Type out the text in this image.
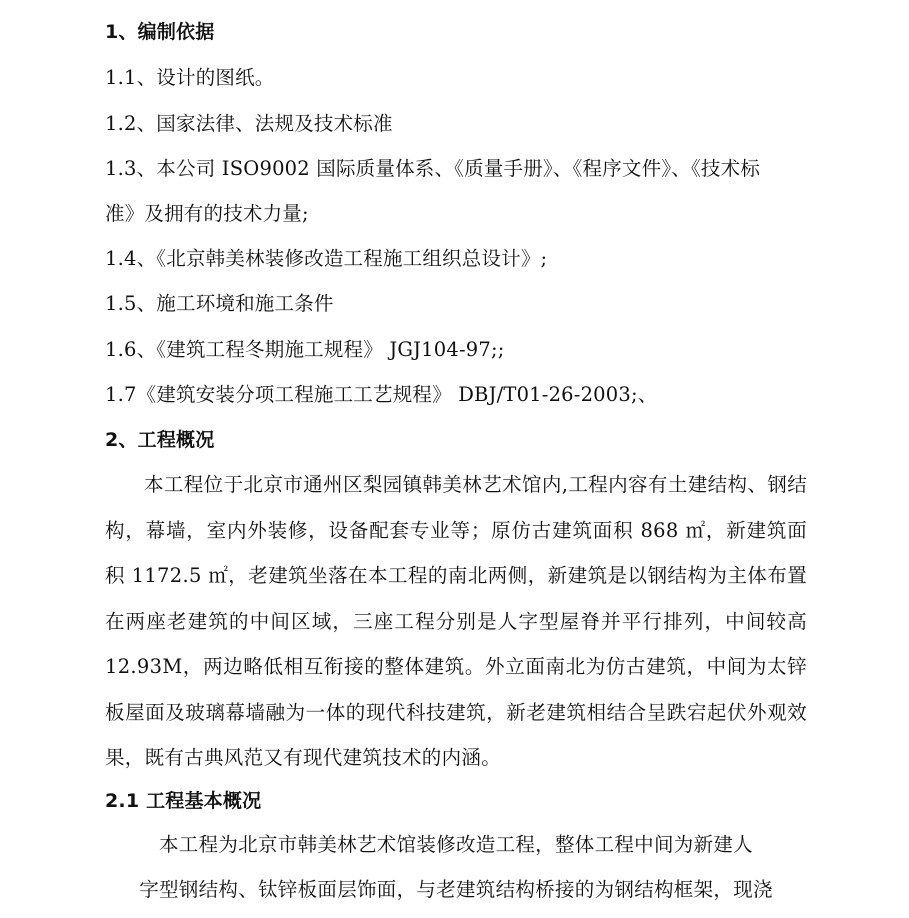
1、编制依据
1.1、设计的图纸。
1.2、国家法律、法规及技术标准
1.3、本公司 ISO9002 国际质量体系、《质量手册》、《程序文件》、《技术标
准》及拥有的技术力量;
1.4、《北京韩美林装修改造工程施工组织总设计》;
1.5、施工环境和施工条件
1.6、《建筑工程冬期施工规程》 JGJ104-97;;
1.7《建筑安装分项工程施工工艺规程》 DBJ/T01-26-2003;、
2、工程概况
本工程位于北京市通州区梨园镇韩美林艺术馆内,工程内容有土建结构、钢结构，幕墙，室内外装修，设备配套专业等；原仿古建筑面积 868 ㎡，新建筑面积 1172.5 ㎡，老建筑坐落在本工程的南北两侧，新建筑是以钢结构为主体布置在两座老建筑的中间区域，三座工程分别是人字型屋脊并平行排列，中间较高 12.93M，两边略低相互衔接的整体建筑。外立面南北为仿古建筑，中间为太锌板屋面及玻璃幕墙融为一体的现代科技建筑，新老建筑相结合呈跌宕起伏外观效果，既有古典风范又有现代建筑技术的内涵。
2.1 工程基本概况
本工程为北京市韩美林艺术馆装修改造工程，整体工程中间为新建人
字型钢结构、钛锌板面层饰面，与老建筑结构桥接的为钢结构框架，现浇
